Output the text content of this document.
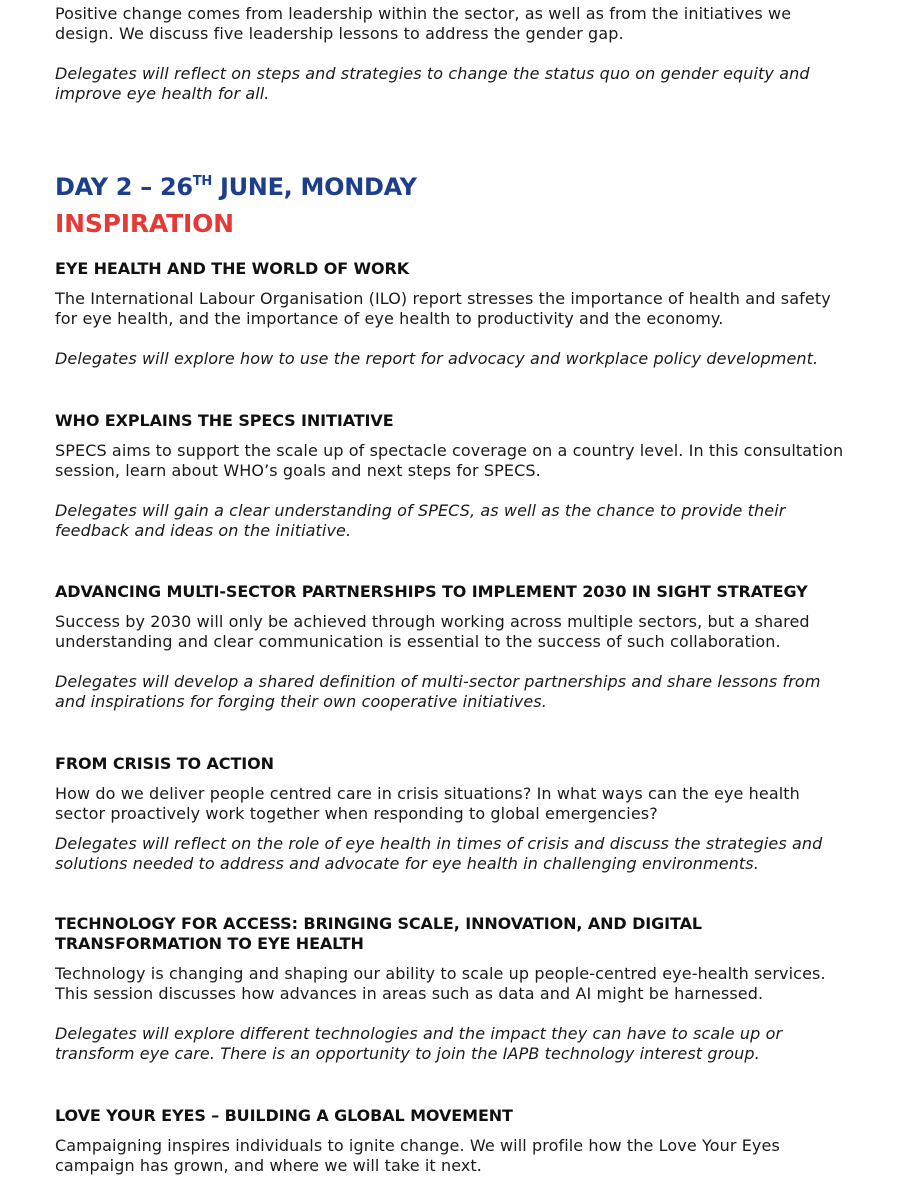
Positive change comes from leadership within the sector, as well as from the initiatives we design. We discuss five leadership lessons to address the gender gap.

Delegates will reflect on steps and strategies to change the status quo on gender equity and improve eye health for all.

DAY 2 – 26TH JUNE, MONDAY
INSPIRATION
EYE HEALTH AND THE WORLD OF WORK

The International Labour Organisation (ILO) report stresses the importance of health and safety for eye health, and the importance of eye health to productivity and the economy.

Delegates will explore how to use the report for advocacy and workplace policy development.

WHO EXPLAINS THE SPECS INITIATIVE

SPECS aims to support the scale up of spectacle coverage on a country level. In this consultation session, learn about WHO’s goals and next steps for SPECS.

Delegates will gain a clear understanding of SPECS, as well as the chance to provide their feedback and ideas on the initiative.

ADVANCING MULTI-SECTOR PARTNERSHIPS TO IMPLEMENT 2030 IN SIGHT STRATEGY

Success by 2030 will only be achieved through working across multiple sectors, but a shared understanding and clear communication is essential to the success of such collaboration.

Delegates will develop a shared definition of multi-sector partnerships and share lessons from and inspirations for forging their own cooperative initiatives.

FROM CRISIS TO ACTION

How do we deliver people centred care in crisis situations? In what ways can the eye health sector proactively work together when responding to global emergencies?

Delegates will reflect on the role of eye health in times of crisis and discuss the strategies and solutions needed to address and advocate for eye health in challenging environments.

TECHNOLOGY FOR ACCESS: BRINGING SCALE, INNOVATION, AND DIGITAL TRANSFORMATION TO EYE HEALTH

Technology is changing and shaping our ability to scale up people-centred eye-health services. This session discusses how advances in areas such as data and AI might be harnessed.

Delegates will explore different technologies and the impact they can have to scale up or transform eye care. There is an opportunity to join the IAPB technology interest group.

LOVE YOUR EYES – BUILDING A GLOBAL MOVEMENT

Campaigning inspires individuals to ignite change. We will profile how the Love Your Eyes campaign has grown, and where we will take it next.
